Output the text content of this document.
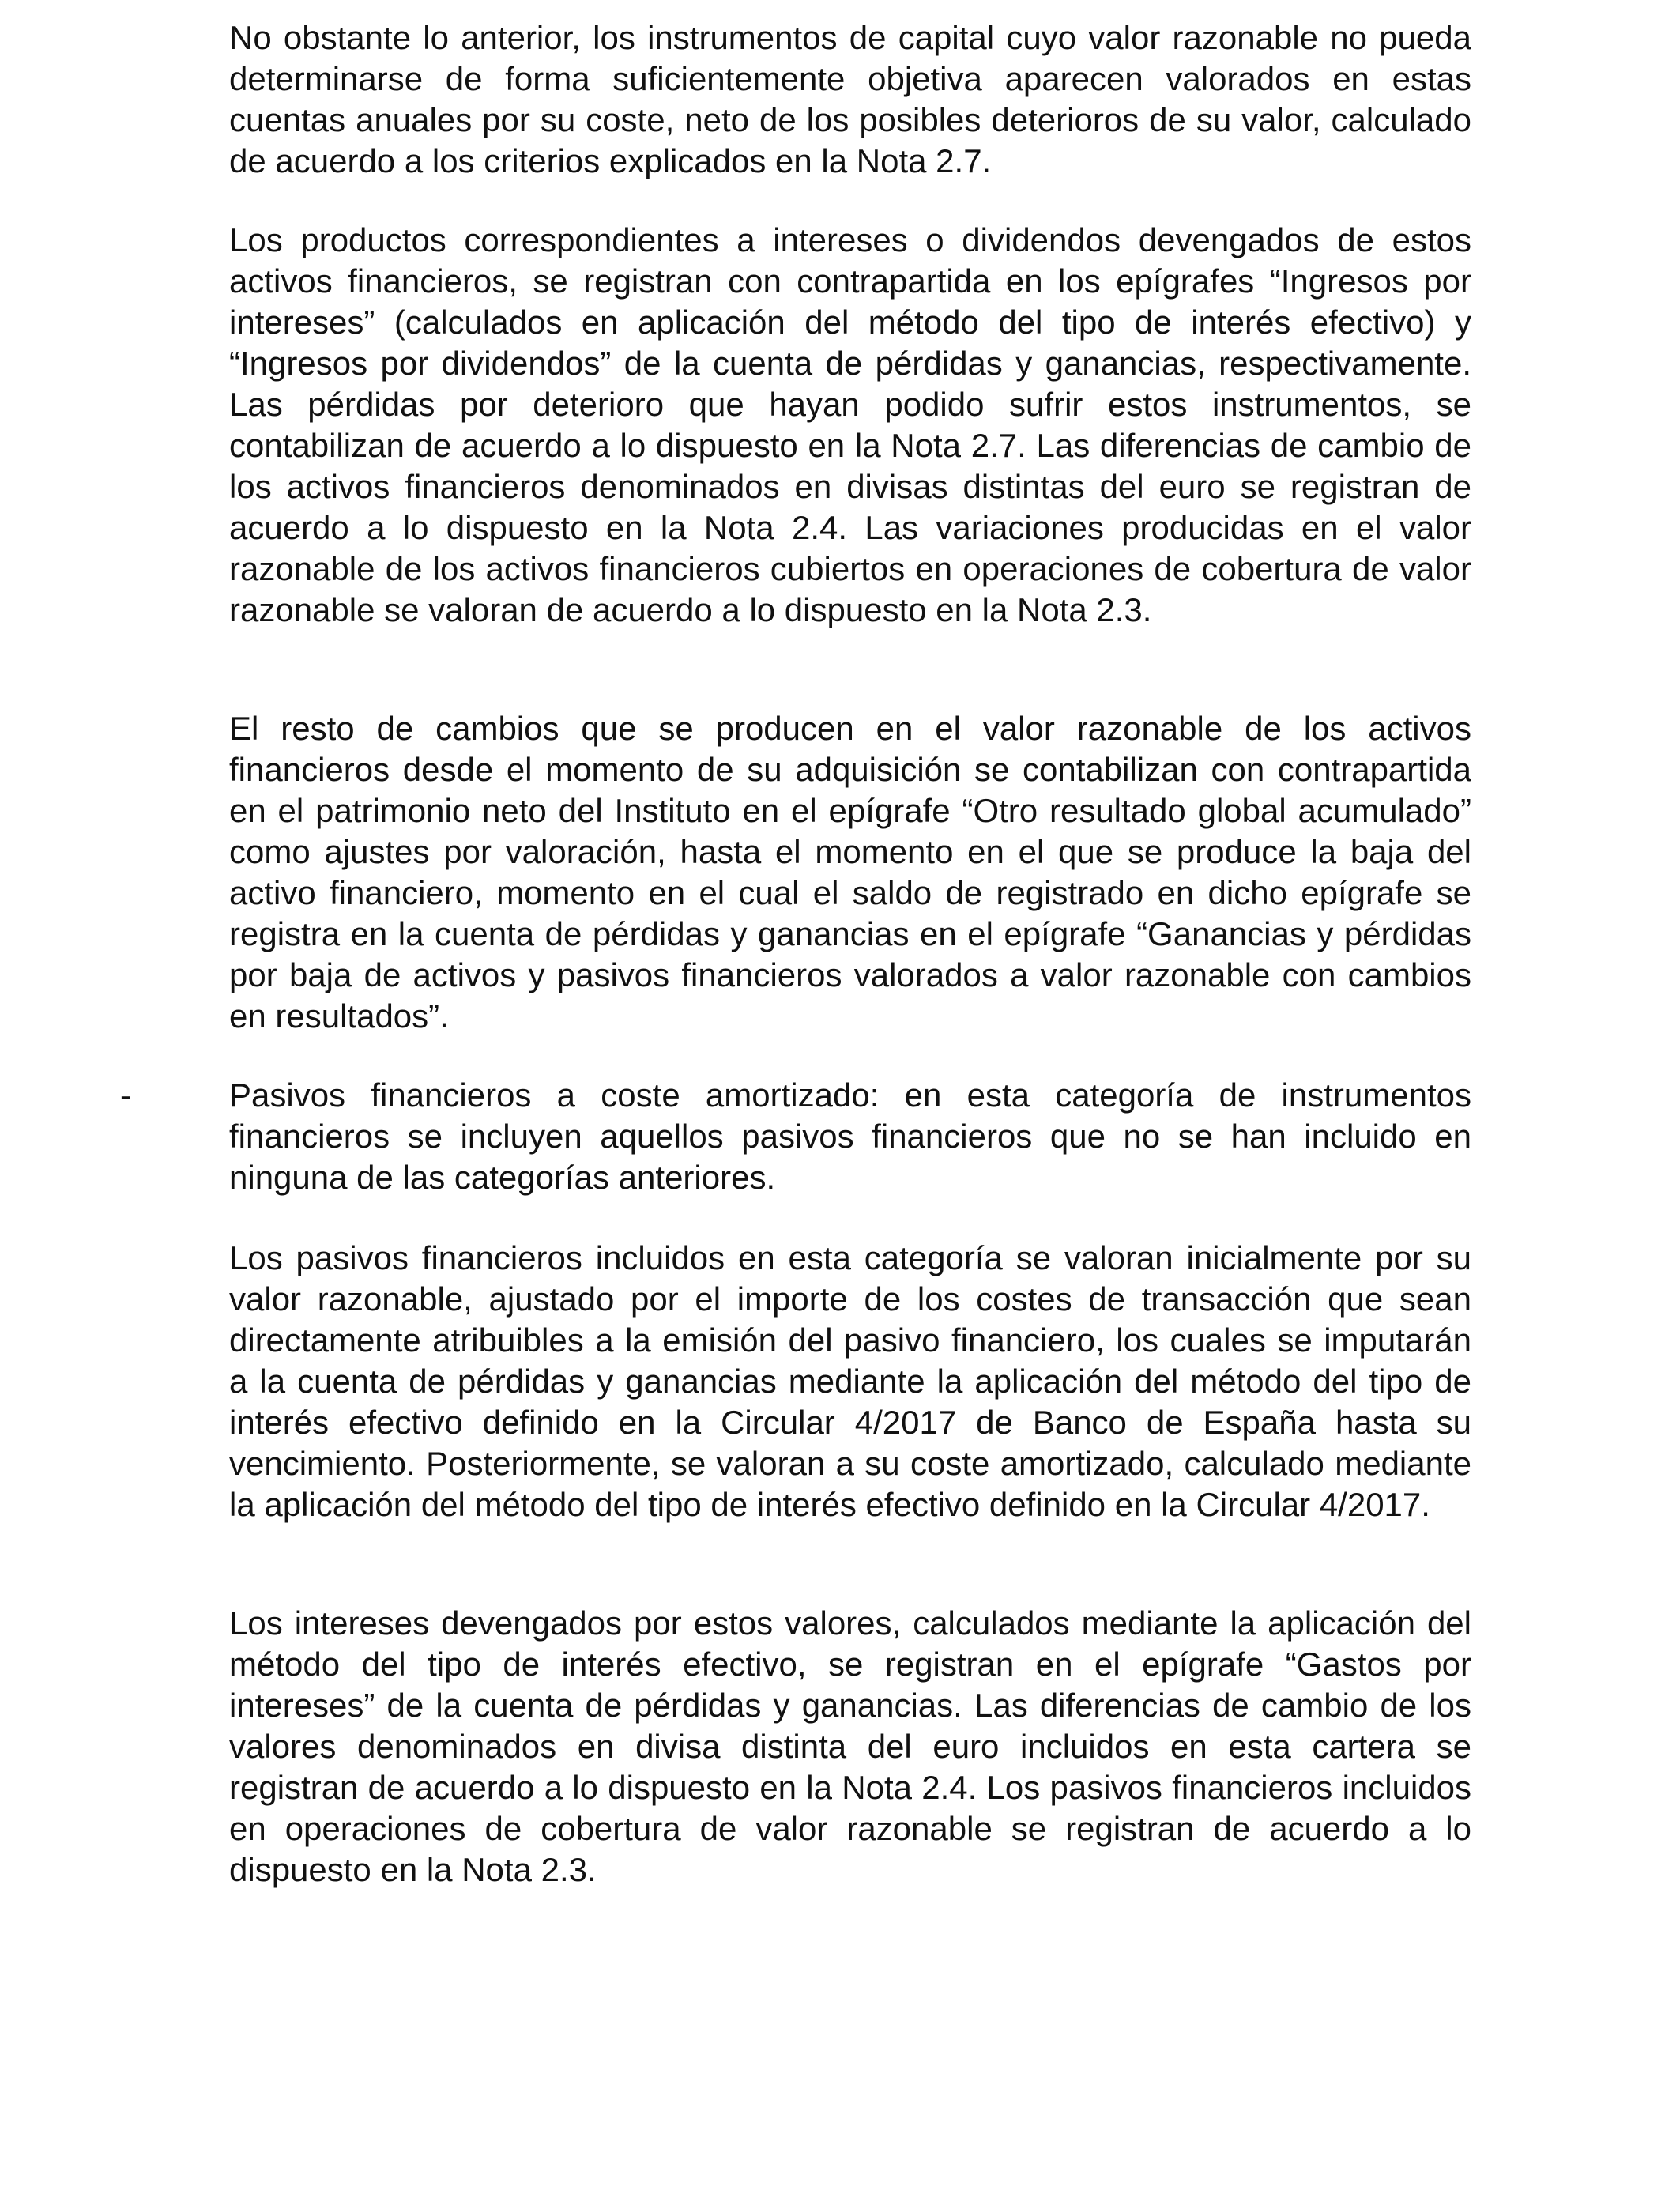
No obstante lo anterior, los instrumentos de capital cuyo valor razonable no pueda determinarse de forma suficientemente objetiva aparecen valorados en estas cuentas anuales por su coste, neto de los posibles deterioros de su valor, calculado de acuerdo a los criterios explicados en la Nota 2.7.

Los productos correspondientes a intereses o dividendos devengados de estos activos financieros, se registran con contrapartida en los epígrafes “Ingresos por intereses” (calculados en aplicación del método del tipo de interés efectivo) y “Ingresos por dividendos” de la cuenta de pérdidas y ganancias, respectivamente. Las pérdidas por deterioro que hayan podido sufrir estos instrumentos, se contabilizan de acuerdo a lo dispuesto en la Nota 2.7. Las diferencias de cambio de los activos financieros denominados en divisas distintas del euro se registran de acuerdo a lo dispuesto en la Nota 2.4. Las variaciones producidas en el valor razonable de los activos financieros cubiertos en operaciones de cobertura de valor razonable se valoran de acuerdo a lo dispuesto en la Nota 2.3.

El resto de cambios que se producen en el valor razonable de los activos financieros desde el momento de su adquisición se contabilizan con contrapartida en el patrimonio neto del Instituto en el epígrafe “Otro resultado global acumulado” como ajustes por valoración, hasta el momento en el que se produce la baja del activo financiero, momento en el cual el saldo de registrado en dicho epígrafe se registra en la cuenta de pérdidas y ganancias en el epígrafe “Ganancias y pérdidas por baja de activos y pasivos financieros valorados a valor razonable con cambios en resultados”.

-	Pasivos financieros a coste amortizado: en esta categoría de instrumentos financieros se incluyen aquellos pasivos financieros que no se han incluido en ninguna de las categorías anteriores.

Los pasivos financieros incluidos en esta categoría se valoran inicialmente por su valor razonable, ajustado por el importe de los costes de transacción que sean directamente atribuibles a la emisión del pasivo financiero, los cuales se imputarán a la cuenta de pérdidas y ganancias mediante la aplicación del método del tipo de interés efectivo definido en la Circular 4/2017 de Banco de España hasta su vencimiento. Posteriormente, se valoran a su coste amortizado, calculado mediante la aplicación del método del tipo de interés efectivo definido en la Circular 4/2017.

Los intereses devengados por estos valores, calculados mediante la aplicación del método del tipo de interés efectivo, se registran en el epígrafe “Gastos por intereses” de la cuenta de pérdidas y ganancias. Las diferencias de cambio de los valores denominados en divisa distinta del euro incluidos en esta cartera se registran de acuerdo a lo dispuesto en la Nota 2.4. Los pasivos financieros incluidos en operaciones de cobertura de valor razonable se registran de acuerdo a lo dispuesto en la Nota 2.3.
